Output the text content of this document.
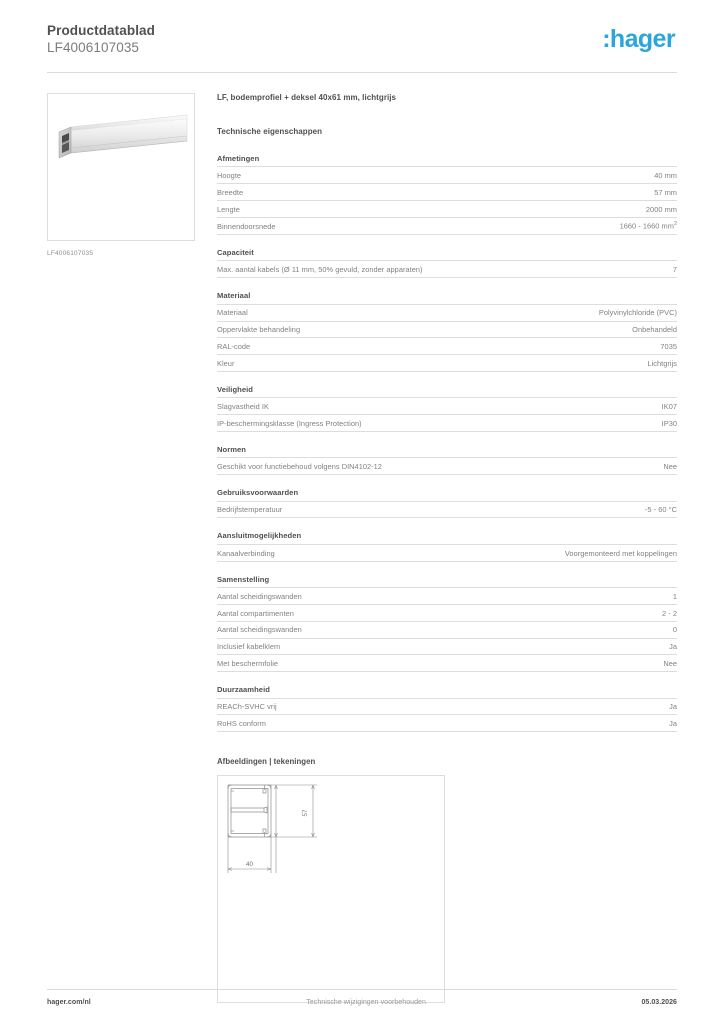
Productdatablad
LF4006107035	:hager
LF4006107035
LF, bodemprofiel + deksel 40x61 mm, lichtgrijs
Technische eigenschappen
Afmetingen
Hoogte	40 mm
Breedte	57 mm
Lengte	2000 mm
Binnendoorsnede	1660 - 1660 $mm^2$
Capaciteit
Max. aantal kabels (Ø 11 mm, 50% gevuld, zonder apparaten)	7
Materiaal
Materiaal	Polyvinylchloride (PVC)
Oppervlakte behandeling	Onbehandeld
RAL-code	7035
Kleur	Lichtgrijs
Veiligheid
Slagvastheid IK	IK07
IP-beschermingsklasse (Ingress Protection)	IP30
Normen
Geschikt voor functiebehoud volgens DIN4102-12	Nee
Gebruiksvoorwaarden
Bedrijfstemperatuur	-5 - 60 °C
Aansluitmogelijkheden
Kanaalverbinding	Voorgemonteerd met koppelingen
Samenstelling
Aantal scheidingswanden	1
Aantal compartimenten	2 - 2
Aantal scheidingswanden	0
Inclusief kabelklem	Ja
Met beschermfolie	Nee
Duurzaamheid
REACh-SVHC vrij	Ja
RoHS conform	Ja
Afbeeldingen | tekeningen
57
40
hager.com/nl	Technische wijzigingen voorbehouden	05.03.2026
